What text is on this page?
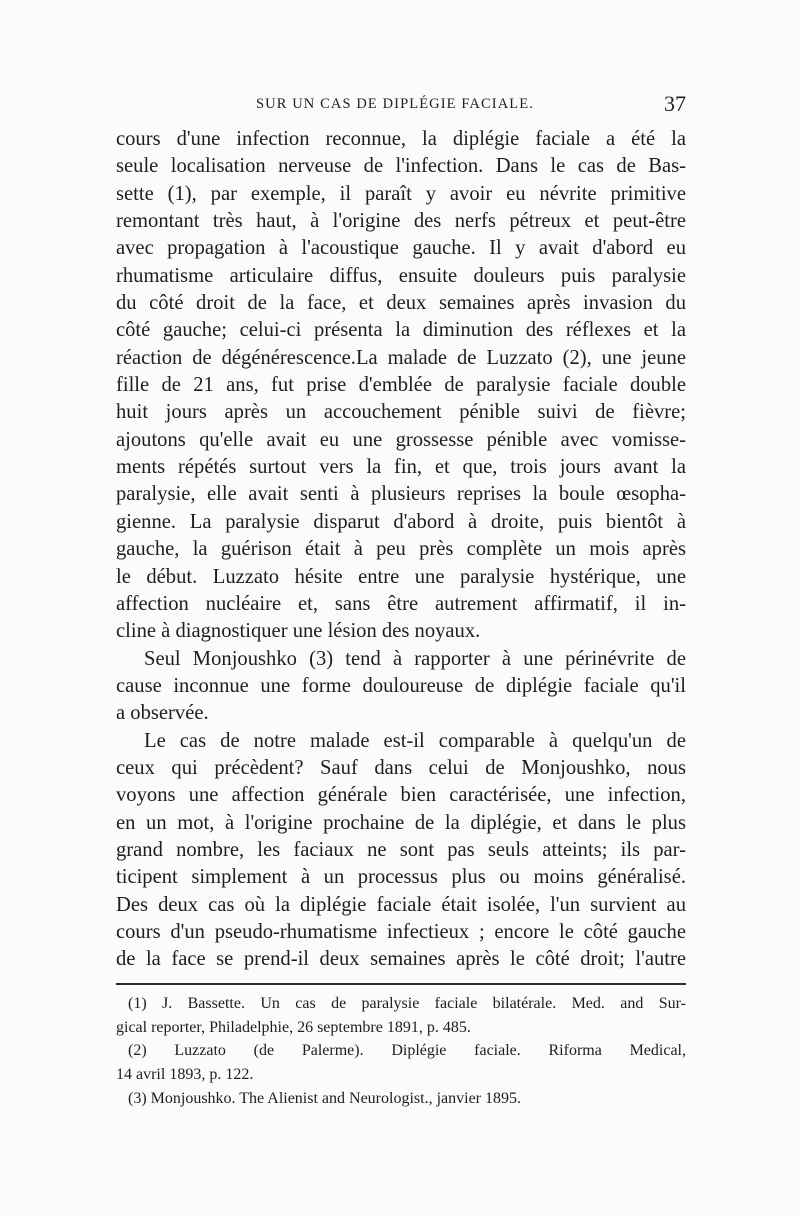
SUR UN CAS DE DIPLÉGIE FACIALE.	37
cours d'une infection reconnue, la diplégie faciale a été la
seule localisation nerveuse de l'infection. Dans le cas de Bas-
sette (1), par exemple, il paraît y avoir eu névrite primitive
remontant très haut, à l'origine des nerfs pétreux et peut-être
avec propagation à l'acoustique gauche. Il y avait d'abord eu
rhumatisme articulaire diffus, ensuite douleurs puis paralysie
du côté droit de la face, et deux semaines après invasion du
côté gauche; celui-ci présenta la diminution des réflexes et la
réaction de dégénérescence.La malade de Luzzato (2), une jeune
fille de 21 ans, fut prise d'emblée de paralysie faciale double
huit jours après un accouchement pénible suivi de fièvre;
ajoutons qu'elle avait eu une grossesse pénible avec vomisse-
ments répétés surtout vers la fin, et que, trois jours avant la
paralysie, elle avait senti à plusieurs reprises la boule œsopha-
gienne. La paralysie disparut d'abord à droite, puis bientôt à
gauche, la guérison était à peu près complète un mois après
le début. Luzzato hésite entre une paralysie hystérique, une
affection nucléaire et, sans être autrement affirmatif, il in-
cline à diagnostiquer une lésion des noyaux.
Seul Monjoushko (3) tend à rapporter à une périnévrite de
cause inconnue une forme douloureuse de diplégie faciale qu'il
a observée.
Le cas de notre malade est-il comparable à quelqu'un de
ceux qui précèdent? Sauf dans celui de Monjoushko, nous
voyons une affection générale bien caractérisée, une infection,
en un mot, à l'origine prochaine de la diplégie, et dans le plus
grand nombre, les faciaux ne sont pas seuls atteints; ils par-
ticipent simplement à un processus plus ou moins généralisé.
Des deux cas où la diplégie faciale était isolée, l'un survient au
cours d'un pseudo-rhumatisme infectieux ; encore le côté gauche
de la face se prend-il deux semaines après le côté droit; l'autre
(1) J. Bassette. Un cas de paralysie faciale bilatérale. Med. and Sur-
gical reporter, Philadelphie, 26 septembre 1891, p. 485.
(2) Luzzato (de Palerme). Diplégie faciale. Riforma Medical,
14 avril 1893, p. 122.
(3) Monjoushko. The Alienist and Neurologist., janvier 1895.
